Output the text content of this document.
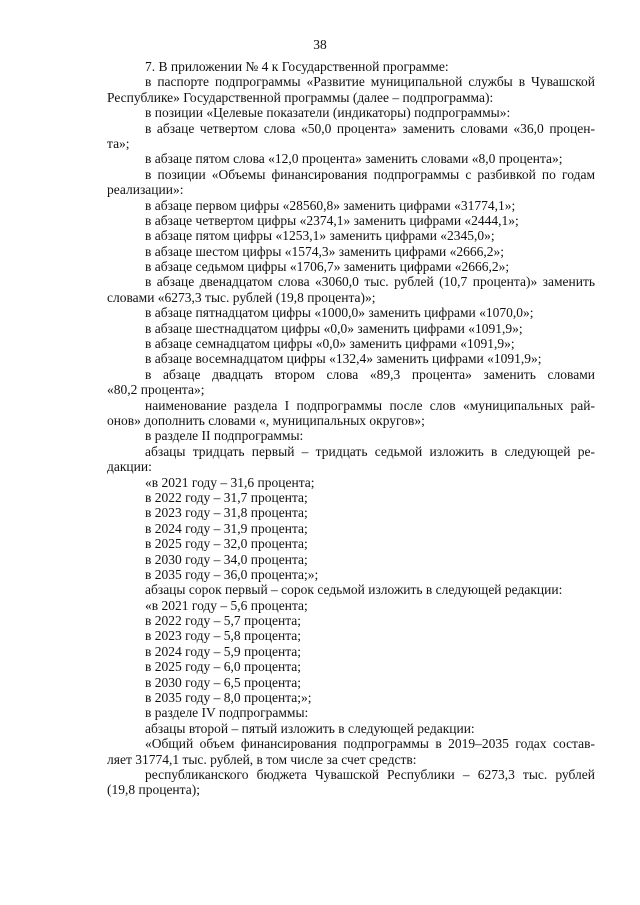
38
7. В приложении № 4 к Государственной программе:
в паспорте подпрограммы «Развитие муниципальной службы в Чувашской
Республике» Государственной программы (далее – подпрограмма):
в позиции «Целевые показатели (индикаторы) подпрограммы»:
в абзаце четвертом слова «50,0 процента» заменить словами «36,0 процен-
та»;
в абзаце пятом слова «12,0 процента» заменить словами «8,0 процента»;
в позиции «Объемы финансирования подпрограммы с разбивкой по годам
реализации»:
в абзаце первом цифры «28560,8» заменить цифрами «31774,1»;
в абзаце четвертом цифры «2374,1» заменить цифрами «2444,1»;
в абзаце пятом цифры «1253,1» заменить цифрами «2345,0»;
в абзаце шестом цифры «1574,3» заменить цифрами «2666,2»;
в абзаце седьмом цифры «1706,7» заменить цифрами «2666,2»;
в абзаце двенадцатом слова «3060,0 тыс. рублей (10,7 процента)» заменить
словами «6273,3 тыс. рублей (19,8 процента)»;
в абзаце пятнадцатом цифры «1000,0» заменить цифрами «1070,0»;
в абзаце шестнадцатом цифры «0,0» заменить цифрами «1091,9»;
в абзаце семнадцатом цифры «0,0» заменить цифрами «1091,9»;
в абзаце восемнадцатом цифры «132,4» заменить цифрами «1091,9»;
в абзаце двадцать втором слова «89,3 процента» заменить словами
«80,2 процента»;
наименование раздела I подпрограммы после слов «муниципальных рай-
онов» дополнить словами «, муниципальных округов»;
в разделе II подпрограммы:
абзацы тридцать первый – тридцать седьмой изложить в следующей ре-
дакции:
«в 2021 году – 31,6 процента;
в 2022 году – 31,7 процента;
в 2023 году – 31,8 процента;
в 2024 году – 31,9 процента;
в 2025 году – 32,0 процента;
в 2030 году – 34,0 процента;
в 2035 году – 36,0 процента;»;
абзацы сорок первый – сорок седьмой изложить в следующей редакции:
«в 2021 году – 5,6 процента;
в 2022 году – 5,7 процента;
в 2023 году – 5,8 процента;
в 2024 году – 5,9 процента;
в 2025 году – 6,0 процента;
в 2030 году – 6,5 процента;
в 2035 году – 8,0 процента;»;
в разделе IV подпрограммы:
абзацы второй – пятый изложить в следующей редакции:
«Общий объем финансирования подпрограммы в 2019–2035 годах состав-
ляет 31774,1 тыс. рублей, в том числе за счет средств:
республиканского бюджета Чувашской Республики – 6273,3 тыс. рублей
(19,8 процента);
